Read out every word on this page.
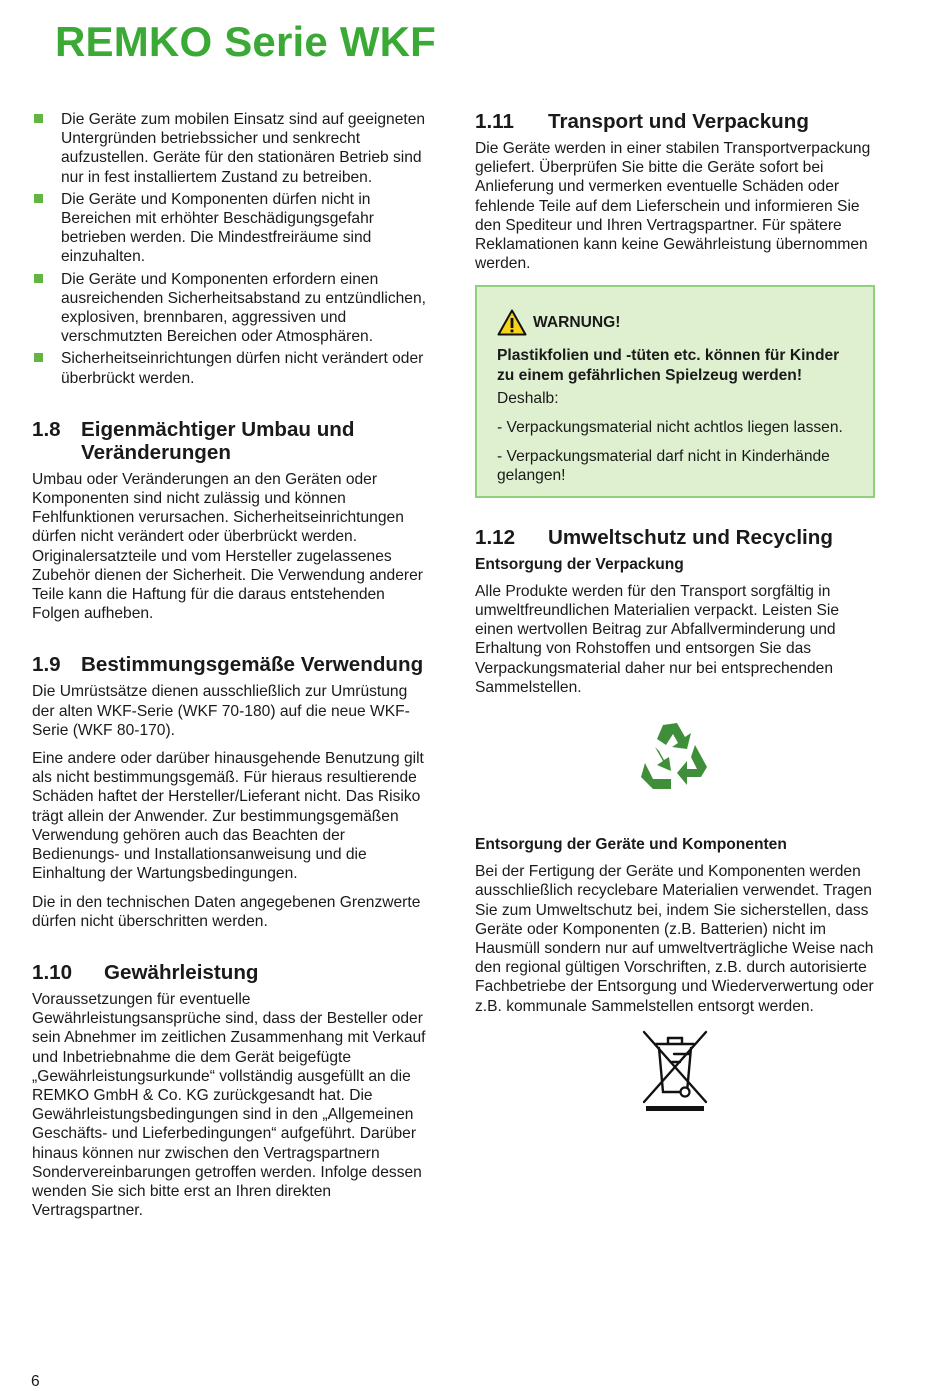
REMKO Serie WKF
Die Geräte zum mobilen Einsatz sind auf geeigneten Untergründen betriebssicher und senkrecht aufzustellen. Geräte für den stationären Betrieb sind nur in fest installiertem Zustand zu betreiben.
Die Geräte und Komponenten dürfen nicht in Bereichen mit erhöhter Beschädigungsgefahr betrieben werden. Die Mindestfreiräume sind einzuhalten.
Die Geräte und Komponenten erfordern einen ausreichenden Sicherheitsabstand zu entzündlichen, explosiven, brennbaren, aggressiven und verschmutzten Bereichen oder Atmosphären.
Sicherheitseinrichtungen dürfen nicht verändert oder überbrückt werden.
1.8 Eigenmächtiger Umbau und Veränderungen

Umbau oder Veränderungen an den Geräten oder Komponenten sind nicht zulässig und können Fehlfunktionen verursachen. Sicherheitseinrichtungen dürfen nicht verändert oder überbrückt werden. Originalersatzteile und vom Hersteller zugelassenes Zubehör dienen der Sicherheit. Die Verwendung anderer Teile kann die Haftung für die daraus entstehenden Folgen aufheben.

1.9 Bestimmungsgemäße Verwendung

Die Umrüstsätze dienen ausschließlich zur Umrüstung der alten WKF-Serie (WKF 70-180) auf die neue WKF-Serie (WKF 80-170).

Eine andere oder darüber hinausgehende Benutzung gilt als nicht bestimmungsgemäß. Für hieraus resultierende Schäden haftet der Hersteller/Lieferant nicht. Das Risiko trägt allein der Anwender. Zur bestimmungsgemäßen Verwendung gehören auch das Beachten der Bedienungs- und Installationsanweisung und die Einhaltung der Wartungsbedingungen.

Die in den technischen Daten angegebenen Grenzwerte dürfen nicht überschritten werden.

1.10	Gewährleistung

Voraussetzungen für eventuelle Gewährleistungsansprüche sind, dass der Besteller oder sein Abnehmer im zeitlichen Zusammenhang mit Verkauf und Inbetriebnahme die dem Gerät beigefügte „Gewährleistungsurkunde“ vollständig ausgefüllt an die REMKO GmbH & Co. KG zurückgesandt hat. Die Gewährleistungsbedingungen sind in den „Allgemeinen Geschäfts- und Lieferbedingungen“ aufgeführt. Darüber hinaus können nur zwischen den Vertragspartnern Sondervereinbarungen getroffen werden. Infolge dessen wenden Sie sich bitte erst an Ihren direkten Vertragspartner.

1.11	Transport und Verpackung

Die Geräte werden in einer stabilen Transportverpackung geliefert. Überprüfen Sie bitte die Geräte sofort bei Anlieferung und vermerken eventuelle Schäden oder fehlende Teile auf dem Lieferschein und informieren Sie den Spediteur und Ihren Vertragspartner. Für spätere Reklamationen kann keine Gewährleistung übernommen werden.

WARNUNG!
Plastikfolien und -tüten etc. können für Kinder zu einem gefährlichen Spielzeug werden!

Deshalb:

- Verpackungsmaterial nicht achtlos liegen lassen.

- Verpackungsmaterial darf nicht in Kinderhände gelangen!

1.12	Umweltschutz und Recycling
Entsorgung der Verpackung

Alle Produkte werden für den Transport sorgfältig in umweltfreundlichen Materialien verpackt. Leisten Sie einen wertvollen Beitrag zur Abfallverminderung und Erhaltung von Rohstoffen und entsorgen Sie das Verpackungsmaterial daher nur bei entsprechenden Sammelstellen.

Entsorgung der Geräte und Komponenten

Bei der Fertigung der Geräte und Komponenten werden ausschließlich recyclebare Materialien verwendet. Tragen Sie zum Umweltschutz bei, indem Sie sicherstellen, dass Geräte oder Komponenten (z.B. Batterien) nicht im Hausmüll sondern nur auf umweltverträgliche Weise nach den regional gültigen Vorschriften, z.B. durch autorisierte Fachbetriebe der Entsorgung und Wiederverwertung oder z.B. kommunale Sammelstellen entsorgt werden.

6
